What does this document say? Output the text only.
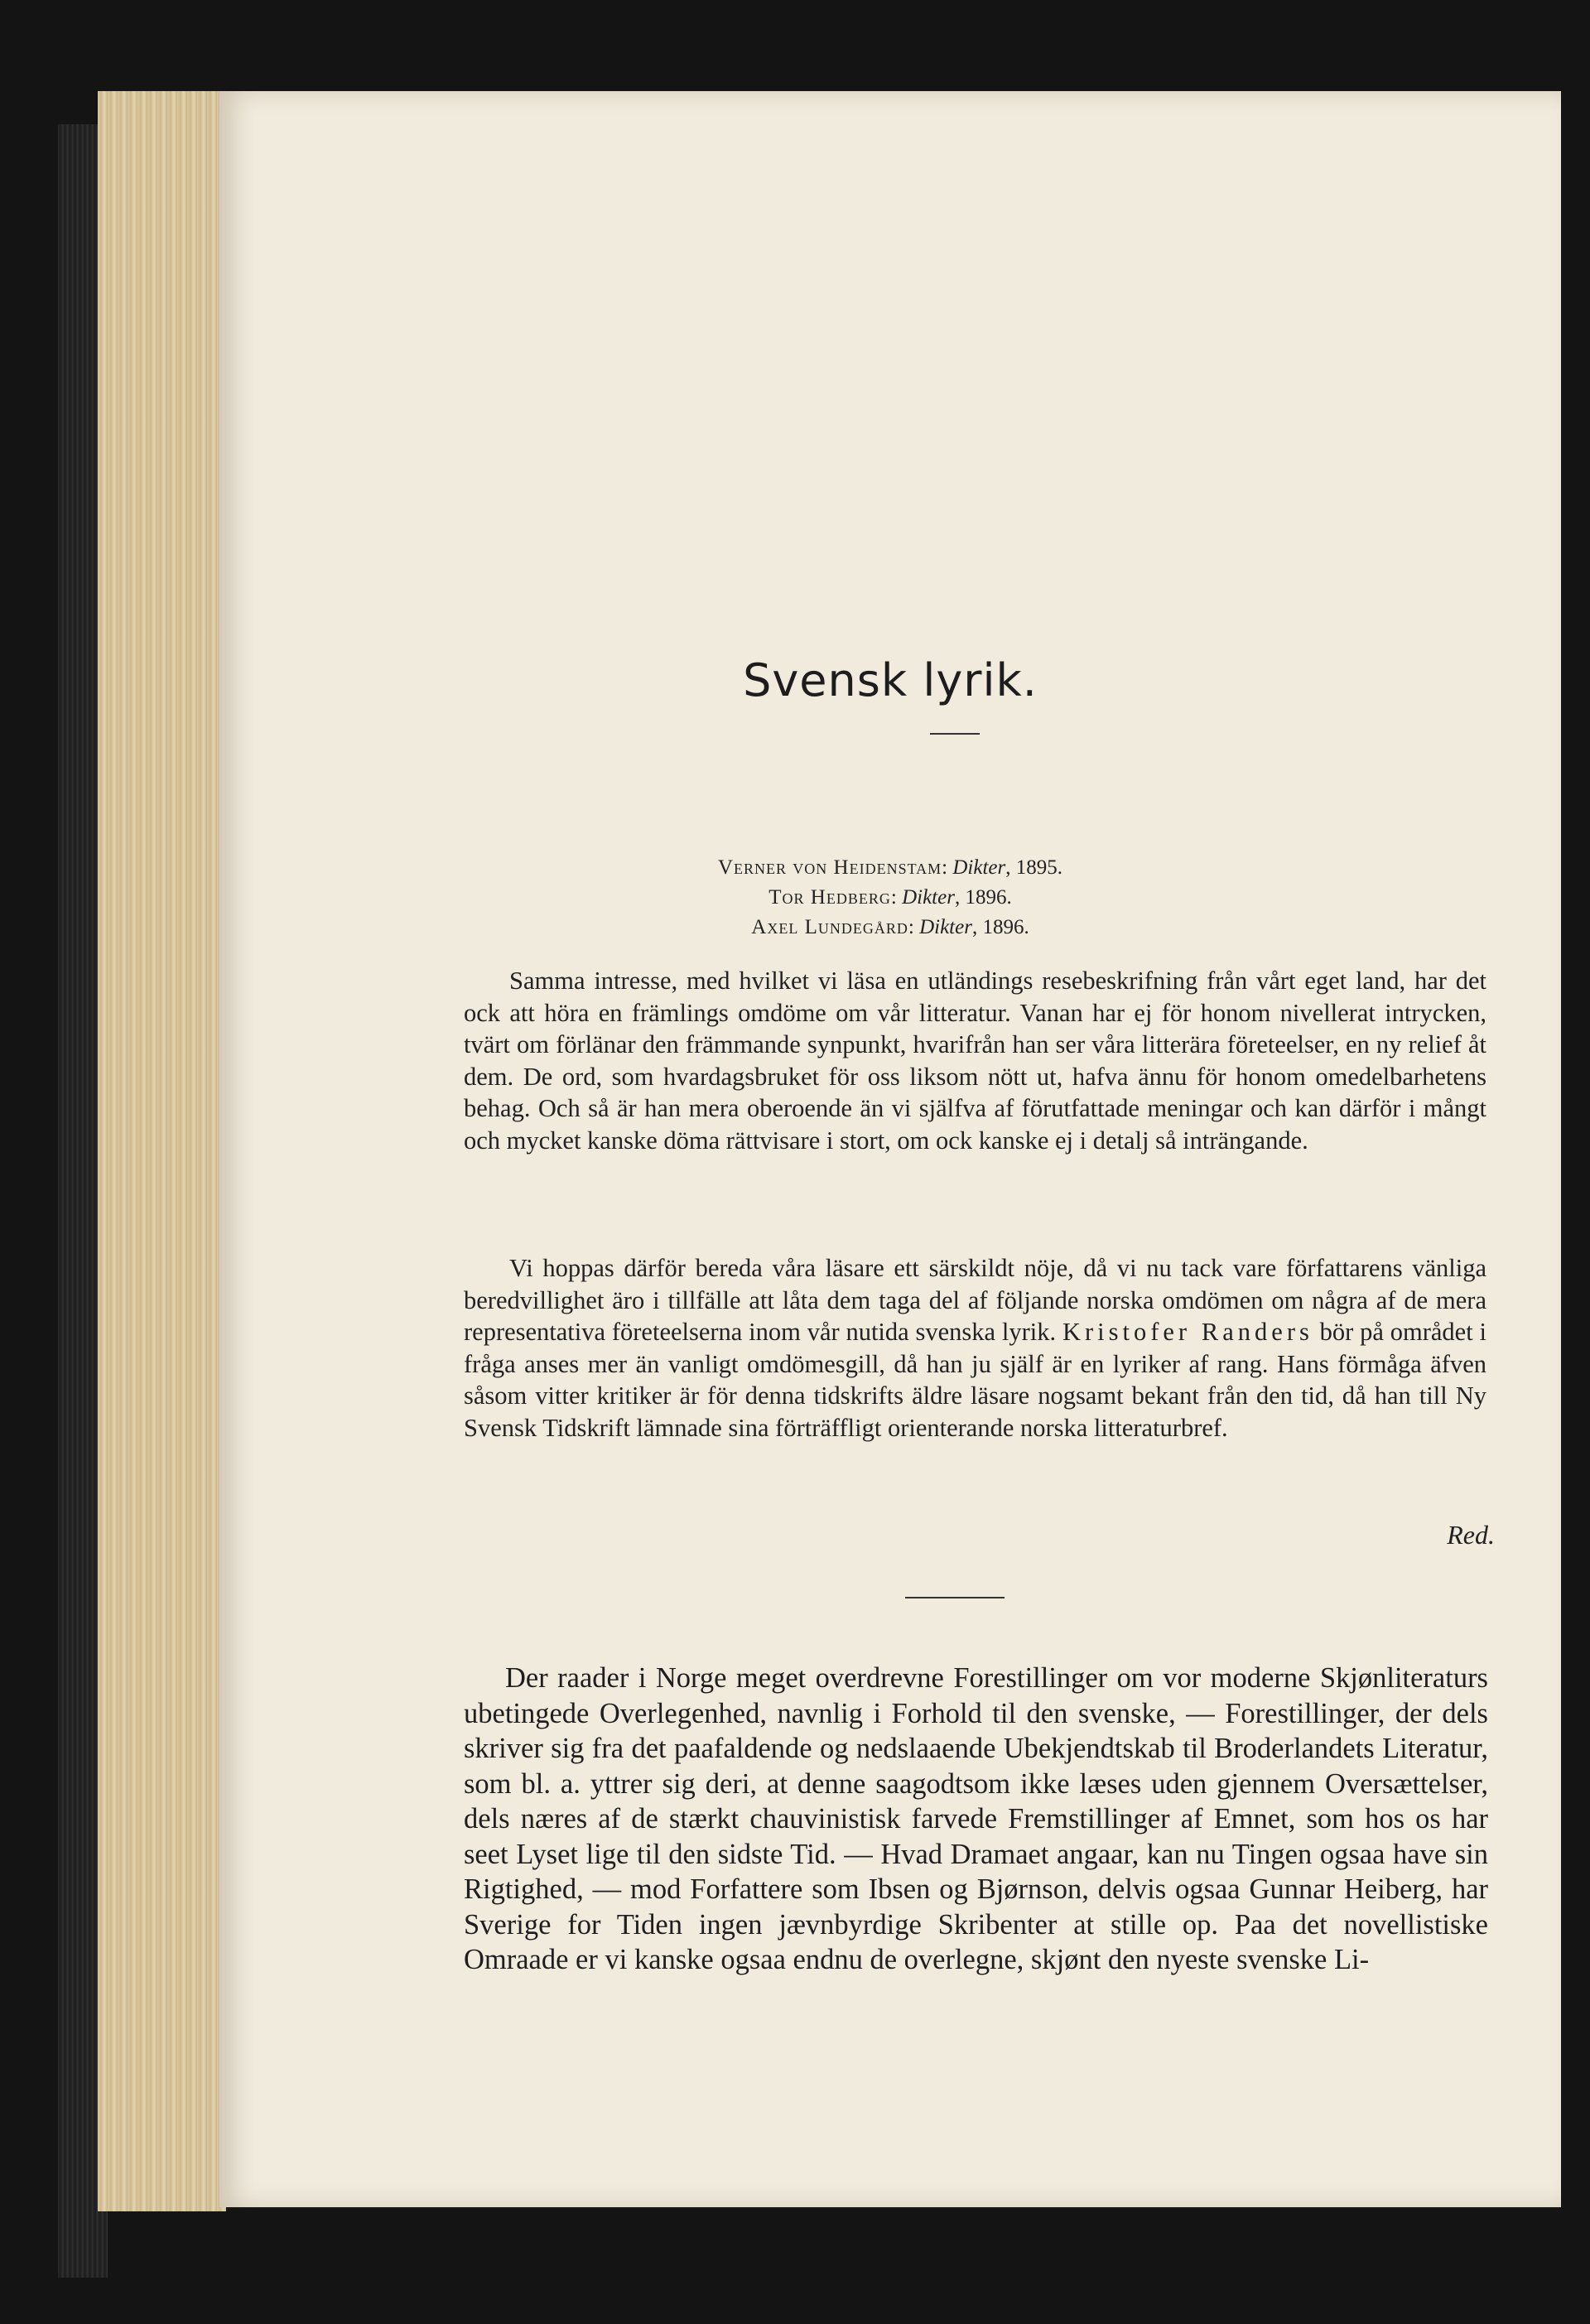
Svensk lyrik.
Verner von Heidenstam: Dikter, 1895.
Tor Hedberg: Dikter, 1896.
Axel Lundegård: Dikter, 1896.

Samma intresse, med hvilket vi läsa en utländings resebeskrifning från vårt eget land, har det ock att höra en främlings omdöme om vår litteratur. Vanan har ej för honom nivellerat intrycken, tvärt om förlänar den främmande synpunkt, hvarifrån han ser våra litterära företeelser, en ny relief åt dem. De ord, som hvardagsbruket för oss liksom nött ut, hafva ännu för honom omedelbarhetens behag. Och så är han mera oberoende än vi själfva af förutfattade meningar och kan därför i mångt och mycket kanske döma rättvisare i stort, om ock kanske ej i detalj så inträngande.

Vi hoppas därför bereda våra läsare ett särskildt nöje, då vi nu tack vare författarens vänliga beredvillighet äro i tillfälle att låta dem taga del af följande norska omdömen om några af de mera representativa företeelserna inom vår nutida svenska lyrik. Kristofer Randers bör på området i fråga anses mer än vanligt omdömesgill, då han ju själf är en lyriker af rang. Hans förmåga äfven såsom vitter kritiker är för denna tidskrifts äldre läsare nogsamt bekant från den tid, då han till Ny Svensk Tidskrift lämnade sina förträffligt orienterande norska litteraturbref.

Red.

Der raader i Norge meget overdrevne Forestillinger om vor moderne Skjønliteraturs ubetingede Overlegenhed, navnlig i Forhold til den svenske, — Forestillinger, der dels skriver sig fra det paafaldende og nedslaaende Ubekjendtskab til Broderlandets Literatur, som bl. a. yttrer sig deri, at denne saagodtsom ikke læses uden gjennem Oversættelser, dels næres af de stærkt chauvinistisk farvede Fremstillinger af Emnet, som hos os har seet Lyset lige til den sidste Tid. — Hvad Dramaet angaar, kan nu Tingen ogsaa have sin Rigtighed, — mod Forfattere som Ibsen og Bjørnson, delvis ogsaa Gunnar Heiberg, har Sverige for Tiden ingen jævnbyrdige Skribenter at stille op. Paa det novellistiske Omraade er vi kanske ogsaa endnu de overlegne, skjønt den nyeste svenske Li-
